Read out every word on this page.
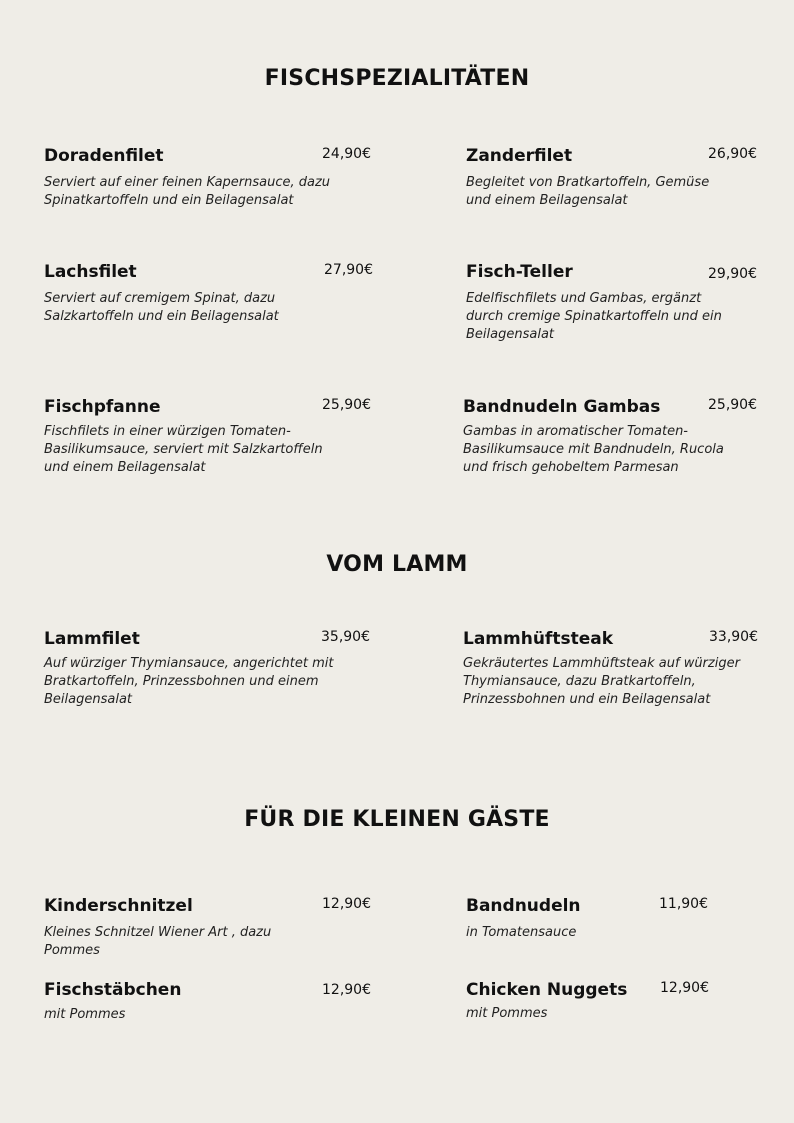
FISCHSPEZIALITÄTEN
Doradenfilet	24,90€
Serviert auf einer feinen Kapernsauce, dazu Spinatkartoffeln und ein Beilagensalat
Zanderfilet	26,90€
Begleitet von Bratkartoffeln, Gemüse und einem Beilagensalat
Lachsfilet	27,90€
Serviert auf cremigem Spinat, dazu Salzkartoffeln und ein Beilagensalat
Fisch-Teller	29,90€
Edelfischfilets und Gambas, ergänzt durch cremige Spinatkartoffeln und ein Beilagensalat
Fischpfanne	25,90€
Fischfilets in einer würzigen Tomaten-Basilikumsauce, serviert mit Salzkartoffeln und einem Beilagensalat
Bandnudeln Gambas	25,90€
Gambas in aromatischer Tomaten-Basilikumsauce mit Bandnudeln, Rucola und frisch gehobeltem Parmesan
VOM LAMM
Lammfilet	35,90€
Auf würziger Thymiansauce, angerichtet mit Bratkartoffeln, Prinzessbohnen und einem Beilagensalat
Lammhüftsteak	33,90€
Gekräutertes Lammhüftsteak auf würziger Thymiansauce, dazu Bratkartoffeln, Prinzessbohnen und ein Beilagensalat
FÜR DIE KLEINEN GÄSTE
Kinderschnitzel	12,90€
Kleines Schnitzel Wiener Art , dazu Pommes
Bandnudeln	11,90€
in Tomatensauce
Fischstäbchen	12,90€
mit Pommes
Chicken Nuggets 12,90€
mit Pommes
